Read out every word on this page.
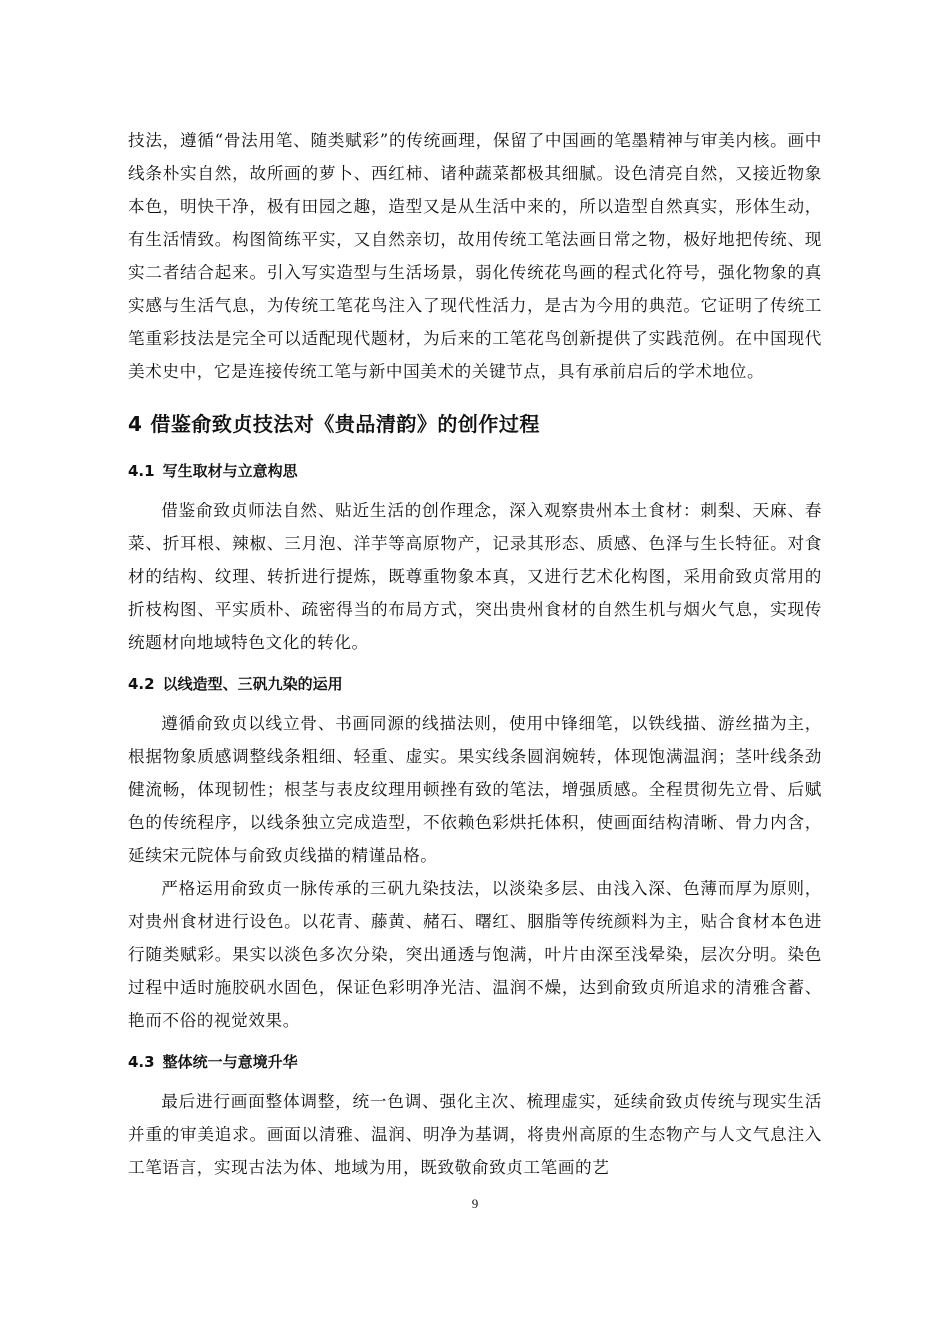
技法，遵循“骨法用笔、随类赋彩”的传统画理，保留了中国画的笔墨精神与审美内核。画中线条朴实自然，故所画的萝卜、西红柿、诸种蔬菜都极其细腻。设色清亮自然，又接近物象本色，明快干净，极有田园之趣，造型又是从生活中来的，所以造型自然真实，形体生动，有生活情致。构图简练平实，又自然亲切，故用传统工笔法画日常之物，极好地把传统、现实二者结合起来。引入写实造型与生活场景，弱化传统花鸟画的程式化符号，强化物象的真实感与生活气息，为传统工笔花鸟注入了现代性活力，是古为今用的典范。它证明了传统工笔重彩技法是完全可以适配现代题材，为后来的工笔花鸟创新提供了实践范例。在中国现代美术史中，它是连接传统工笔与新中国美术的关键节点，具有承前启后的学术地位。

4 借鉴俞致贞技法对《贵品清韵》的创作过程
4.1 写生取材与立意构思

借鉴俞致贞师法自然、贴近生活的创作理念，深入观察贵州本土食材：刺梨、天麻、春菜、折耳根、辣椒、三月泡、洋芋等高原物产，记录其形态、质感、色泽与生长特征。对食材的结构、纹理、转折进行提炼，既尊重物象本真，又进行艺术化构图，采用俞致贞常用的折枝构图、平实质朴、疏密得当的布局方式，突出贵州食材的自然生机与烟火气息，实现传统题材向地域特色文化的转化。

4.2 以线造型、三矾九染的运用

遵循俞致贞以线立骨、书画同源的线描法则，使用中锋细笔，以铁线描、游丝描为主，根据物象质感调整线条粗细、轻重、虚实。果实线条圆润婉转，体现饱满温润；茎叶线条劲健流畅，体现韧性；根茎与表皮纹理用顿挫有致的笔法，增强质感。全程贯彻先立骨、后赋色的传统程序，以线条独立完成造型，不依赖色彩烘托体积，使画面结构清晰、骨力内含，延续宋元院体与俞致贞线描的精谨品格。

严格运用俞致贞一脉传承的三矾九染技法，以淡染多层、由浅入深、色薄而厚为原则，对贵州食材进行设色。以花青、藤黄、赭石、曙红、胭脂等传统颜料为主，贴合食材本色进行随类赋彩。果实以淡色多次分染，突出通透与饱满，叶片由深至浅晕染，层次分明。染色过程中适时施胶矾水固色，保证色彩明净光洁、温润不燥，达到俞致贞所追求的清雅含蓄、艳而不俗的视觉效果。

4.3 整体统一与意境升华

最后进行画面整体调整，统一色调、强化主次、梳理虚实，延续俞致贞传统与现实生活并重的审美追求。画面以清雅、温润、明净为基调，将贵州高原的生态物产与人文气息注入工笔语言，实现古法为体、地域为用，既致敬俞致贞工笔画的艺

9
